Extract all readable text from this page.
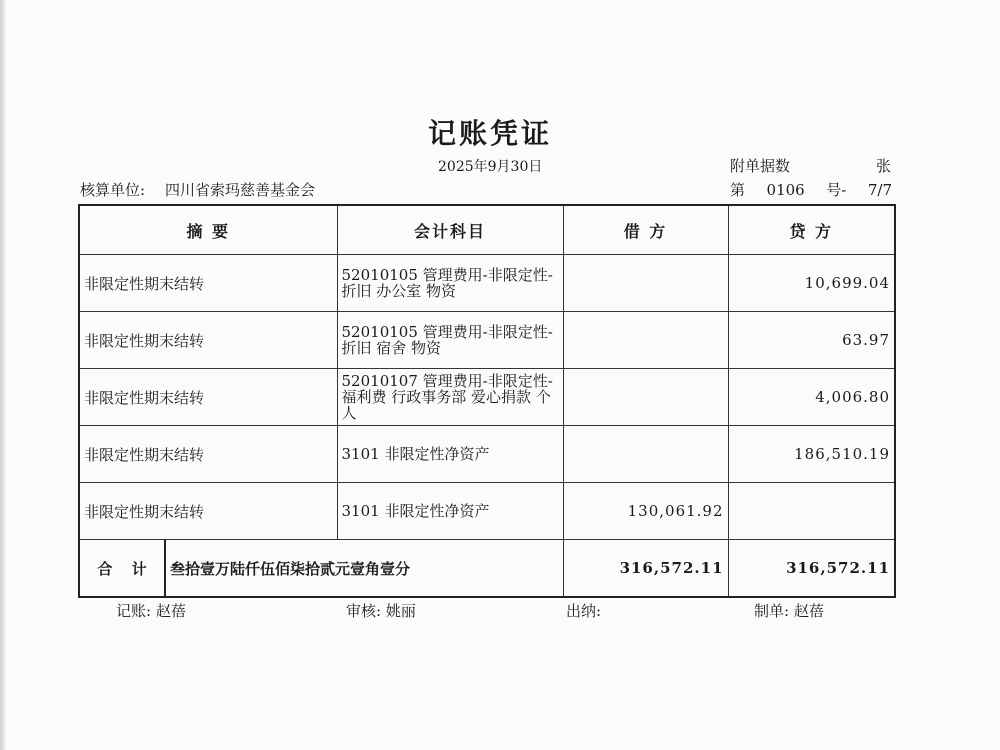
记账凭证
2025年9月30日	附单据数	张
核算单位: 四川省索玛慈善基金会	第  0106  号-  7/7
摘 要		会计科目	借 方	贷 方
非限定性期末结转		52010105 管理费用-非限定性-折旧 办公室 物资		10,699.04
非限定性期末结转		52010105 管理费用-非限定性-折旧 宿舍 物资		63.97
非限定性期末结转		52010107 管理费用-非限定性-福利费 行政事务部 爱心捐款 个人		4,006.80
非限定性期末结转		3101 非限定性净资产		186,510.19
非限定性期末结转		3101 非限定性净资产	130,061.92	
合 计	叁拾壹万陆仟伍佰柒拾贰元壹角壹分		316,572.11	316,572.11
记账: 赵蓓	审核: 姚丽	出纳:	制单: 赵蓓
